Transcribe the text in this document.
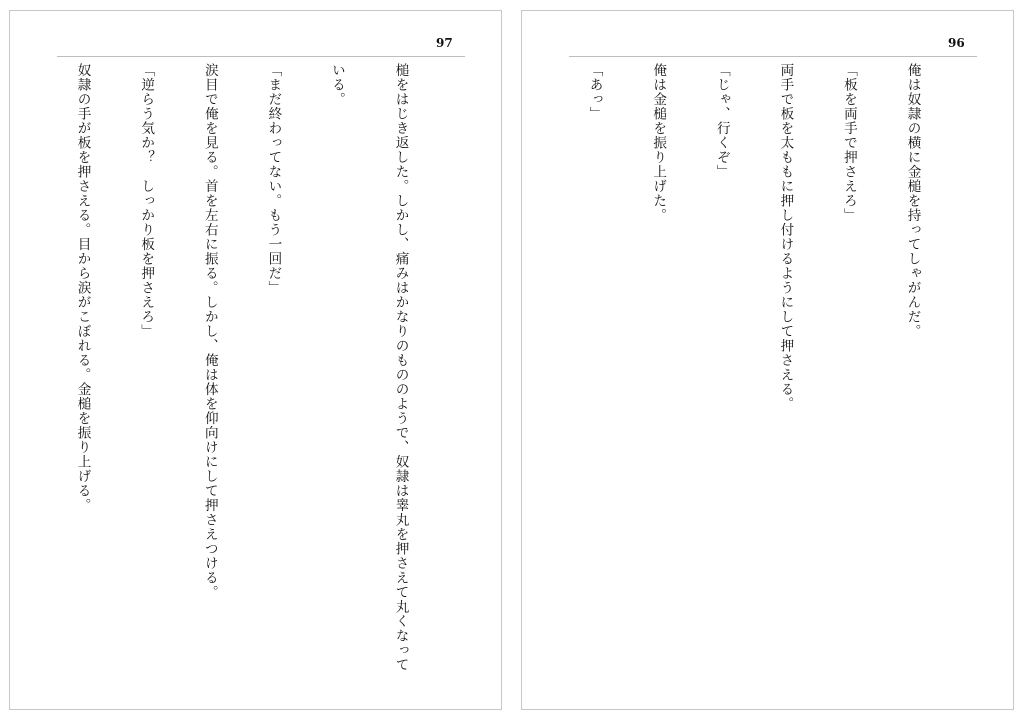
97

槌をはじき返した。しかし、痛みはかなりのもののようで、奴隷は睾丸を押さえて丸くなって

いる。

「まだ終わってない。もう一回だ」

涙目で俺を見る。首を左右に振る。しかし、俺は体を仰向けにして押さえつける。

「逆らう気か？　しっかり板を押さえろ」

奴隷の手が板を押さえる。目から涙がこぼれる。金槌を振り上げる。

96

俺は奴隷の横に金槌を持ってしゃがんだ。

「板を両手で押さえろ」

両手で板を太ももに押し付けるようにして押さえる。

「じゃ、行くぞ」

俺は金槌を振り上げた。

「あっ」
